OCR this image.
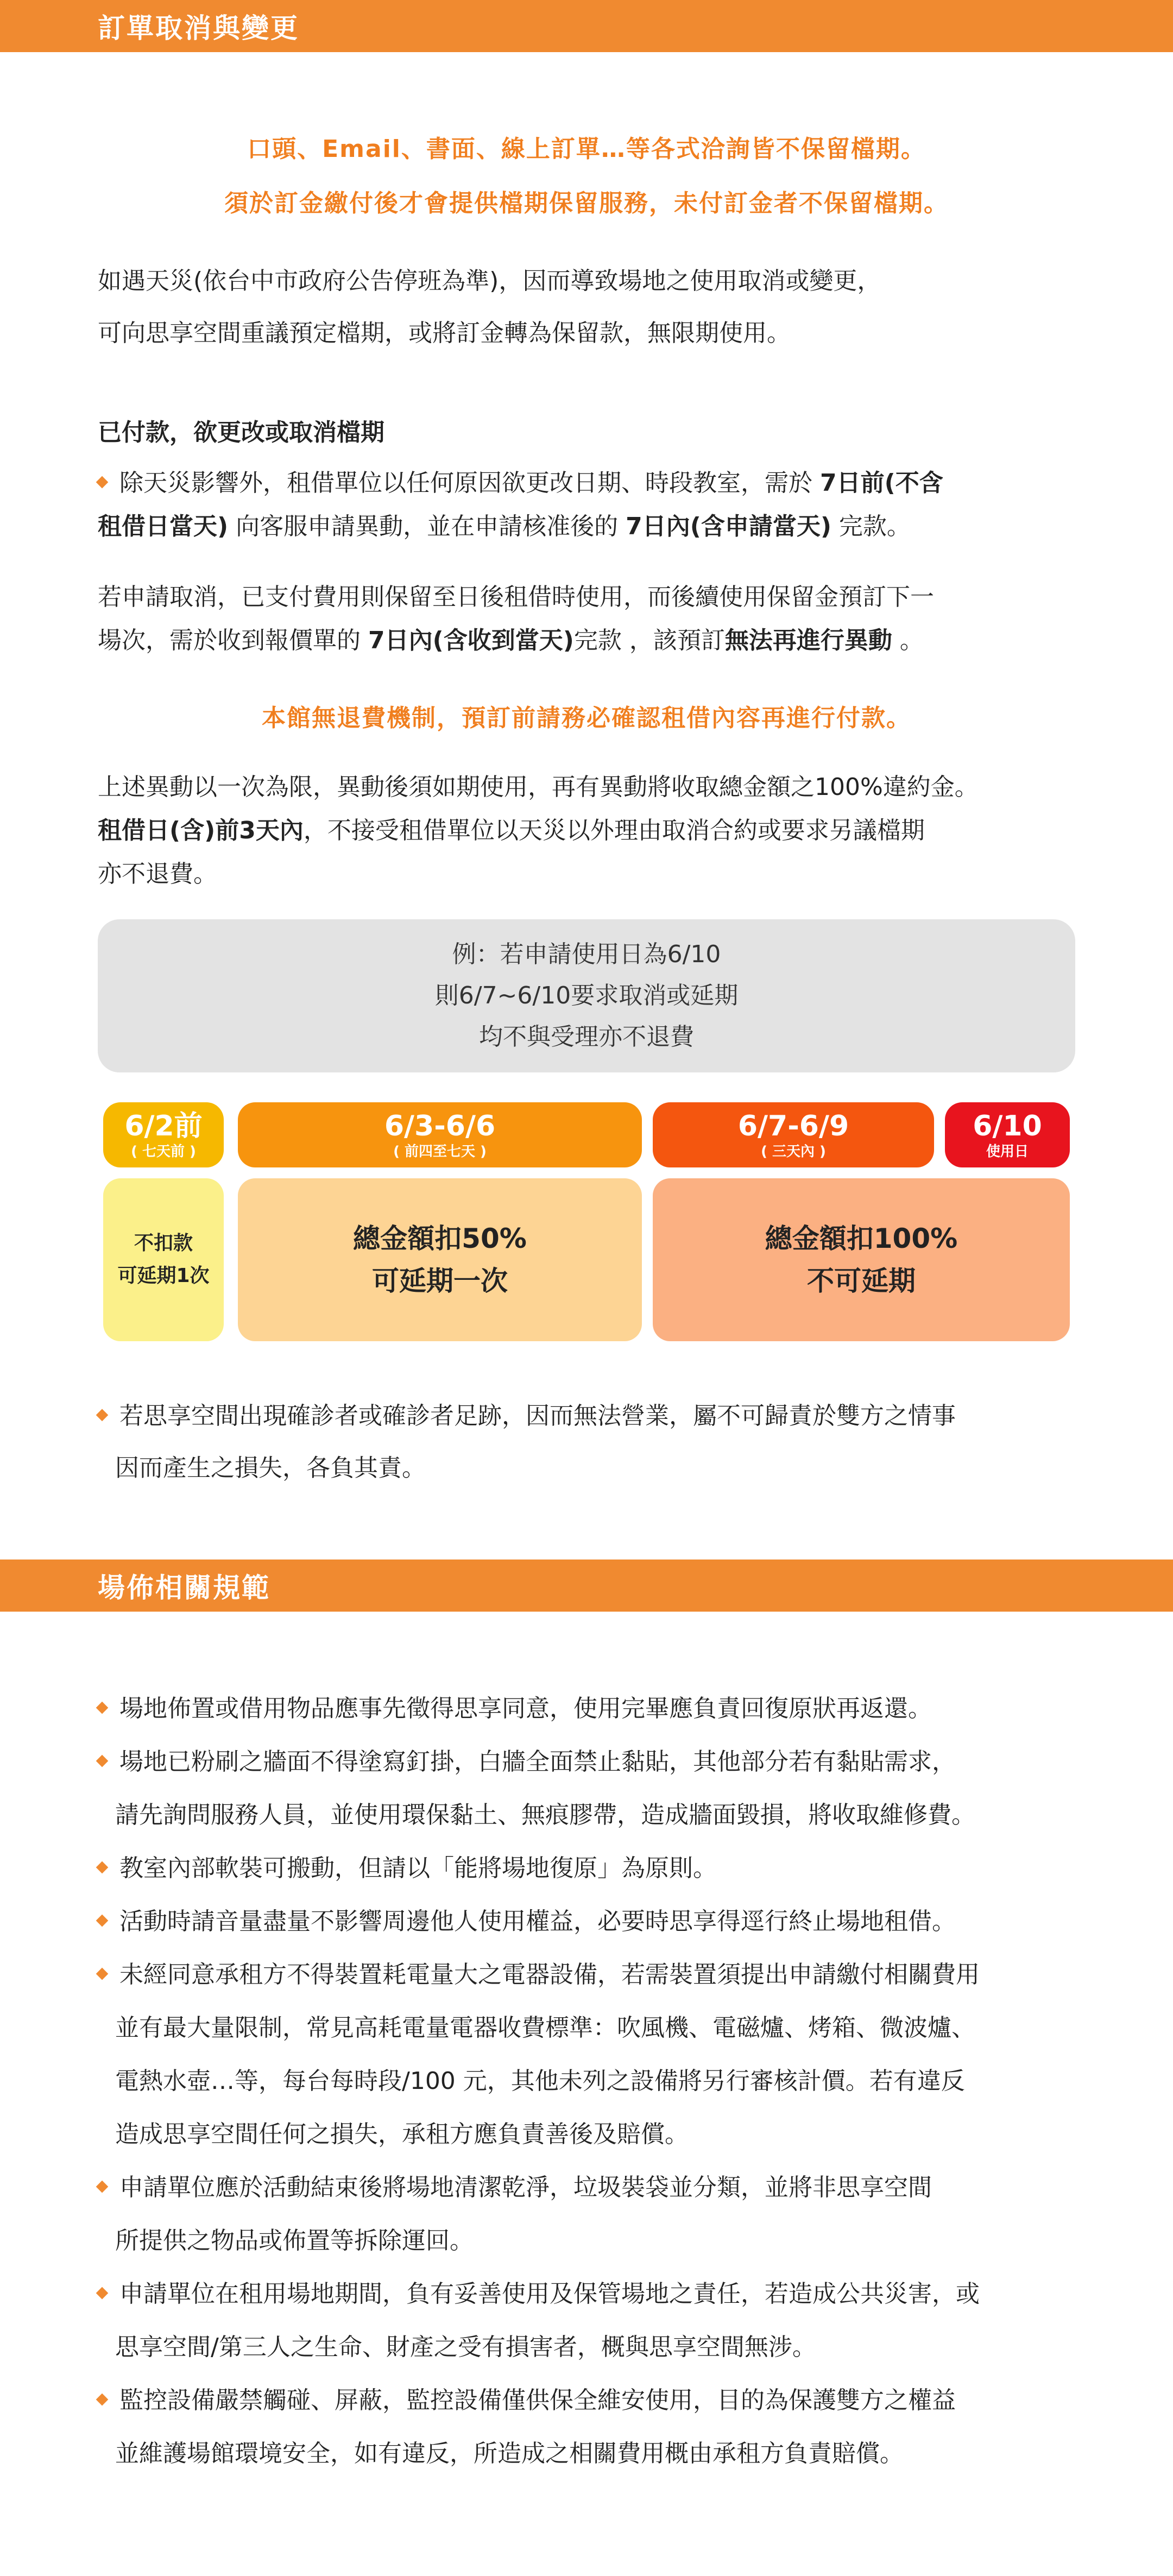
訂單取消與變更
口頭、Email、書面、線上訂單…等各式洽詢皆不保留檔期。
須於訂金繳付後才會提供檔期保留服務，未付訂金者不保留檔期。
如遇天災(依台中市政府公告停班為準)，因而導致場地之使用取消或變更，
可向思享空間重議預定檔期，或將訂金轉為保留款，無限期使用。
已付款，欲更改或取消檔期
除天災影響外，租借單位以任何原因欲更改日期、時段教室，需於 7日前(不含
租借日當天) 向客服申請異動，並在申請核准後的 7日內(含申請當天) 完款。
若申請取消，已支付費用則保留至日後租借時使用，而後續使用保留金預訂下一
場次，需於收到報價單的 7日內(含收到當天)完款 ，該預訂無法再進行異動 。
本館無退費機制，預訂前請務必確認租借內容再進行付款。
上述異動以一次為限，異動後須如期使用，再有異動將收取總金額之100%違約金。
租借日(含)前3天內，不接受租借單位以天災以外理由取消合約或要求另議檔期
亦不退費。
例：若申請使用日為6/10
則6/7~6/10要求取消或延期
均不與受理亦不退費
6/2前
( 七天前 )
6/3-6/6
( 前四至七天 )
6/7-6/9
( 三天內 )
6/10
使用日
不扣款
可延期1次
總金額扣50%
可延期一次
總金額扣100%
不可延期
若思享空間出現確診者或確診者足跡，因而無法營業，屬不可歸責於雙方之情事
因而產生之損失，各負其責。
場佈相關規範
場地佈置或借用物品應事先徵得思享同意，使用完畢應負責回復原狀再返還。
場地已粉刷之牆面不得塗寫釘掛，白牆全面禁止黏貼，其他部分若有黏貼需求，
請先詢問服務人員，並使用環保黏土、無痕膠帶，造成牆面毀損，將收取維修費。
教室內部軟裝可搬動，但請以「能將場地復原」為原則。
活動時請音量盡量不影響周邊他人使用權益，必要時思享得逕行終止場地租借。
未經同意承租方不得裝置耗電量大之電器設備，若需裝置須提出申請繳付相關費用
並有最大量限制，常見高耗電量電器收費標準：吹風機、電磁爐、烤箱、微波爐、
電熱水壺…等，每台每時段/100 元，其他未列之設備將另行審核計價。若有違反
造成思享空間任何之損失，承租方應負責善後及賠償。
申請單位應於活動結束後將場地清潔乾淨，垃圾裝袋並分類，並將非思享空間
所提供之物品或佈置等拆除運回。
申請單位在租用場地期間，負有妥善使用及保管場地之責任，若造成公共災害，或
思享空間/第三人之生命、財產之受有損害者，概與思享空間無涉。
監控設備嚴禁觸碰、屏蔽，監控設備僅供保全維安使用，目的為保護雙方之權益
並維護場館環境安全，如有違反，所造成之相關費用概由承租方負責賠償。
